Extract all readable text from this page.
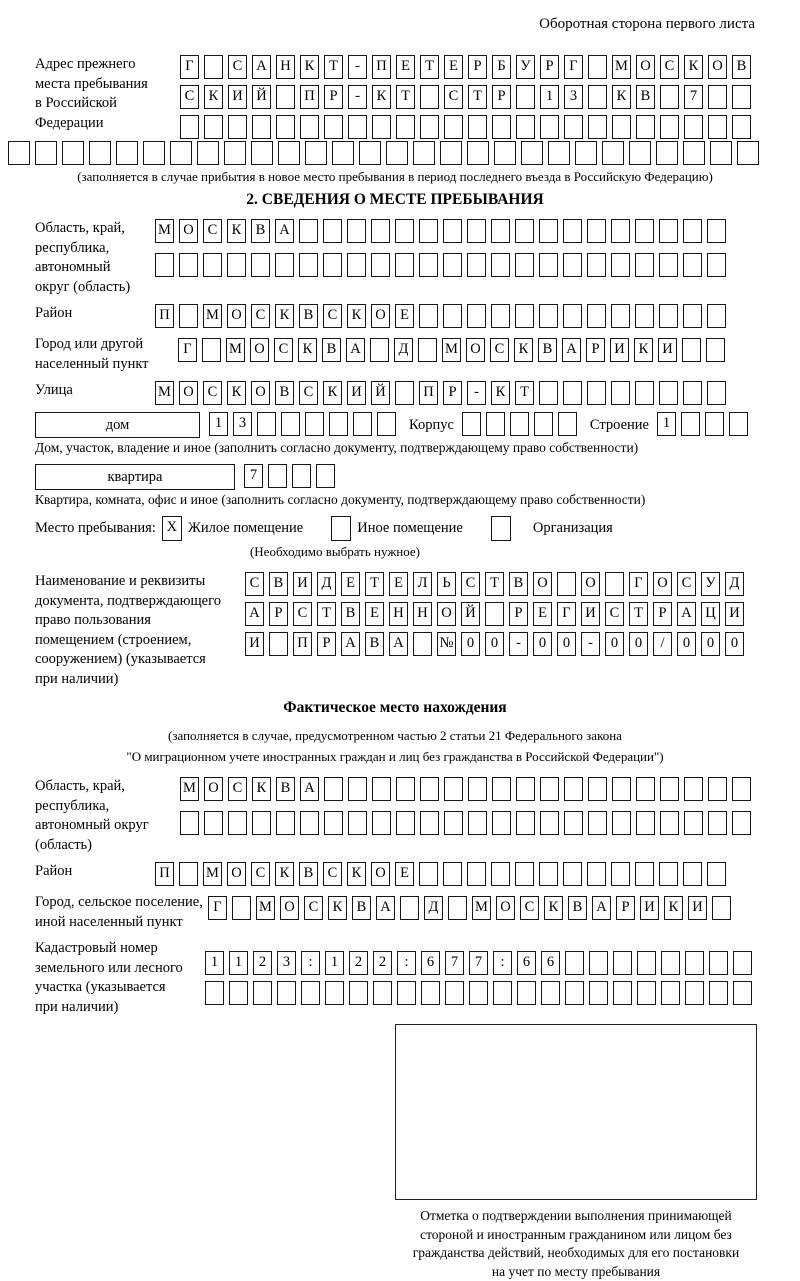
Оборотная сторона первого листа
Адрес прежнего
места пребывания
в Российской
Федерации
Г	С А Н К	Т	-	П Е	Т	Е	Р	Б	У	Р	Г	М О С К О В
С К И Й	П	Р	-	К	Т	С	Т	Р	1	3	К В	7
(заполняется в случае прибытия в новое место пребывания в период последнего въезда в Российскую Федерацию)
2. СВЕДЕНИЯ О МЕСТЕ ПРЕБЫВАНИЯ
Область, край,
республика,
автономный
округ (область)
М О С К В А
Район	П	М О С К В С К О Е
Город или другой
населенный пункт
Г	М О С К В А	Д	М О С К В А	Р	И К И
Улица	М О С К О В С К И Й	П	Р	-	К	Т
дом	1	3	Корпус	Строение 1
Дом, участок, владение и иное (заполнить согласно документу, подтверждающему право собственности)
квартира	7
Квартира, комната, офис и иное (заполнить согласно документу, подтверждающему право собственности)
Место пребывания: Х Жилое помещение	Иное помещение	Организация
(Необходимо выбрать нужное)
Наименование и реквизиты
документа, подтверждающего
право пользования
помещением (строением,
сооружением) (указывается
при наличии)
С В И Д	Е	Т	Е	Л	Ь	С	Т	В О	О	Г	О С У Д
А	Р	С	Т	В	Е Н Н О Й	Р	Е	Г	И С	Т	Р	А Ц И
И	П	Р	А В А № 0	0	-	0	0	-	0	0	/	0	0	0
Фактическое место нахождения
(заполняется в случае, предусмотренном частью 2 статьи 21 Федерального закона
"О миграционном учете иностранных граждан и лиц без гражданства в Российской Федерации")
Область, край,
республика,
автономный округ
(область)
М О С К В А
Район	П	М О С К В С К О Е
Город, сельское поселение,
иной населенный пункт
Г	М О С К В А	Д	М О С К В А	Р	И К И
Кадастровый номер
земельного или лесного
участка (указывается
при наличии)
1	1	2	3	:	1	2	2	:	6	7	7	:	6	6
Отметка о подтверждении выполнения принимающей
стороной и иностранным гражданином или лицом без
гражданства действий, необходимых для его постановки
на учет по месту пребывания
